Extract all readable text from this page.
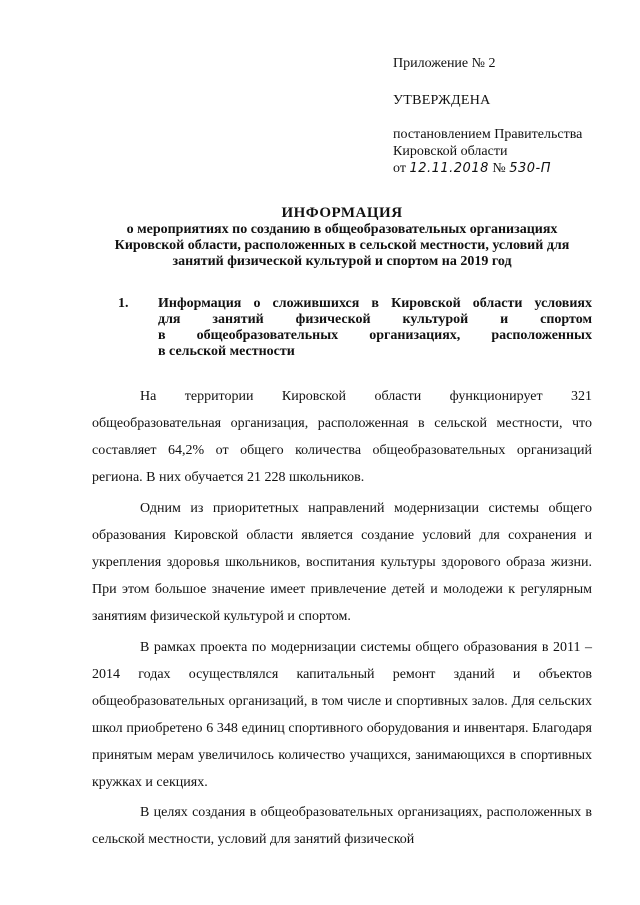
Приложение № 2
УТВЕРЖДЕНА
постановлением Правительства
Кировской области
от 12.11.2018 № 530-П
ИНФОРМАЦИЯ
о мероприятиях по созданию в общеобразовательных организациях
Кировской области, расположенных в сельской местности, условий для
занятий физической культурой и спортом на 2019 год
1. Информация о сложившихся в Кировской области условиях
для занятий физической культурой и спортом
в общеобразовательных организациях, расположенных
в сельской местности

На территории Кировской области функционирует 321 общеобразовательная организация, расположенная в сельской местности, что составляет 64,2% от общего количества общеобразовательных организаций региона. В них обучается 21 228 школьников.

Одним из приоритетных направлений модернизации системы общего образования Кировской области является создание условий для сохранения и укрепления здоровья школьников, воспитания культуры здорового образа жизни. При этом большое значение имеет привлечение детей и молодежи к регулярным занятиям физической культурой и спортом.

В рамках проекта по модернизации системы общего образования в 2011 – 2014 годах осуществлялся капитальный ремонт зданий и объектов общеобразовательных организаций, в том числе и спортивных залов. Для сельских школ приобретено 6 348 единиц спортивного оборудования и инвентаря. Благодаря принятым мерам увеличилось количество учащихся, занимающихся в спортивных кружках и секциях.

В целях создания в общеобразовательных организациях, расположенных в сельской местности, условий для занятий физической
